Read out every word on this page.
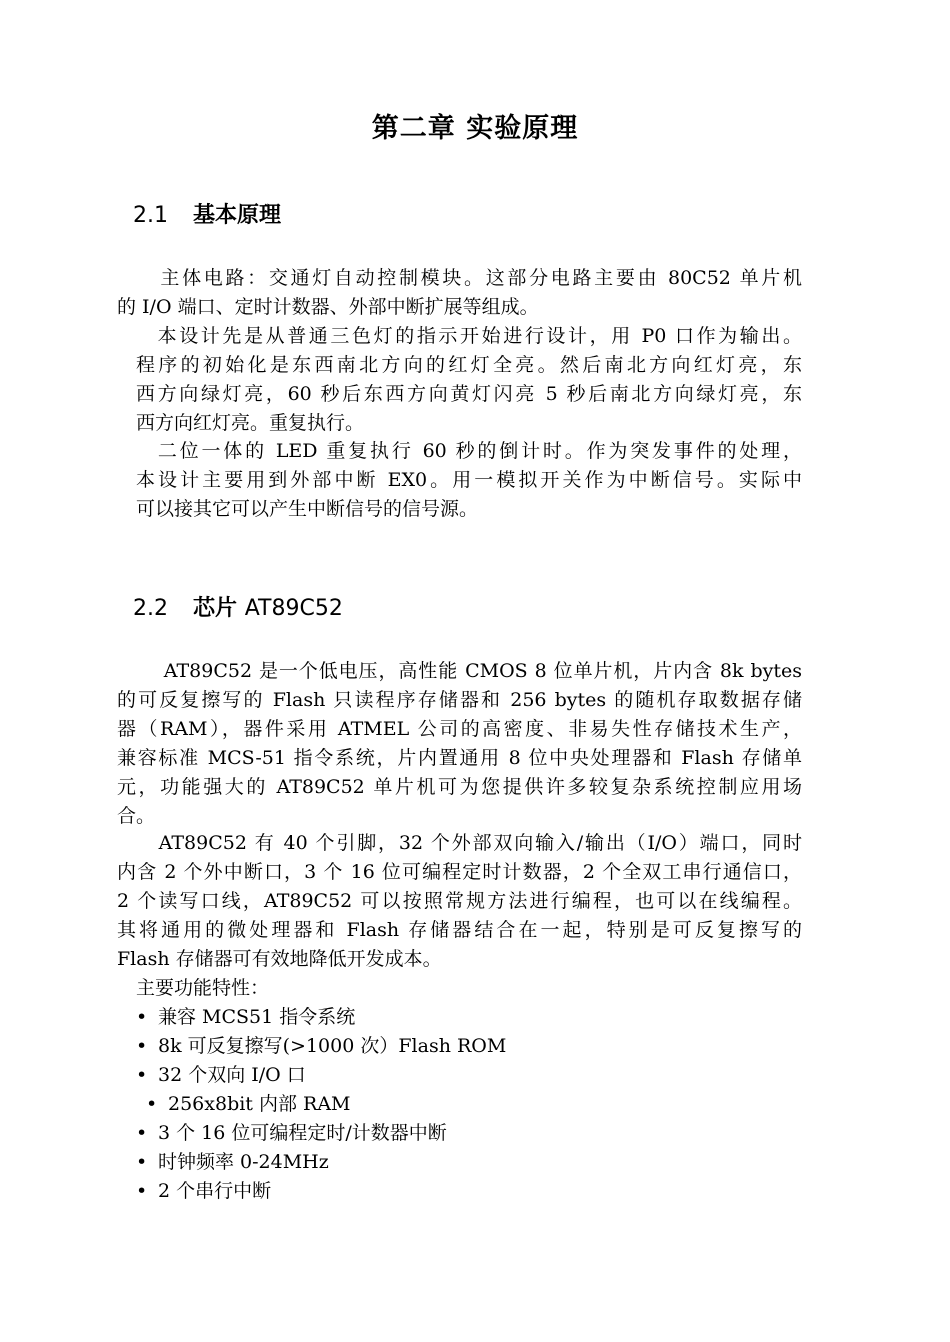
第二章 实验原理
2.1 基本原理
　　主体电路：交通灯自动控制模块。这部分电路主要由 80C52 单片机
的 I/O 端口、定时计数器、外部中断扩展等组成。
　本设计先是从普通三色灯的指示开始进行设计，用 P0 口作为输出。
程序的初始化是东西南北方向的红灯全亮。然后南北方向红灯亮，东
西方向绿灯亮，60 秒后东西方向黄灯闪亮 5 秒后南北方向绿灯亮，东
西方向红灯亮。重复执行。
　二位一体的 LED 重复执行 60 秒的倒计时。作为突发事件的处理，
本设计主要用到外部中断 EX0。用一模拟开关作为中断信号。实际中
可以接其它可以产生中断信号的信号源。
2.2 芯片 AT89C52
　　 AT89C52 是一个低电压，高性能 CMOS 8 位单片机，片内含 8k bytes
的可反复擦写的 Flash 只读程序存储器和 256 bytes 的随机存取数据存储
器（RAM），器件采用 ATMEL 公司的高密度、非易失性存储技术生产，
兼容标准 MCS-51 指令系统，片内置通用 8 位中央处理器和 Flash 存储单
元，功能强大的 AT89C52 单片机可为您提供许多较复杂系统控制应用场
合。
　　AT89C52 有 40 个引脚，32 个外部双向输入/输出（I/O）端口，同时
内含 2 个外中断口，3 个 16 位可编程定时计数器，2 个全双工串行通信口，
2 个读写口线，AT89C52 可以按照常规方法进行编程，也可以在线编程。
其将通用的微处理器和 Flash 存储器结合在一起，特别是可反复擦写的
Flash 存储器可有效地降低开发成本。
　主要功能特性：
• 兼容 MCS51 指令系统
• 8k 可反复擦写(>1000 次）Flash ROM
• 32 个双向 I/O 口
• 256x8bit 内部 RAM
• 3 个 16 位可编程定时/计数器中断
• 时钟频率 0-24MHz
• 2 个串行中断
